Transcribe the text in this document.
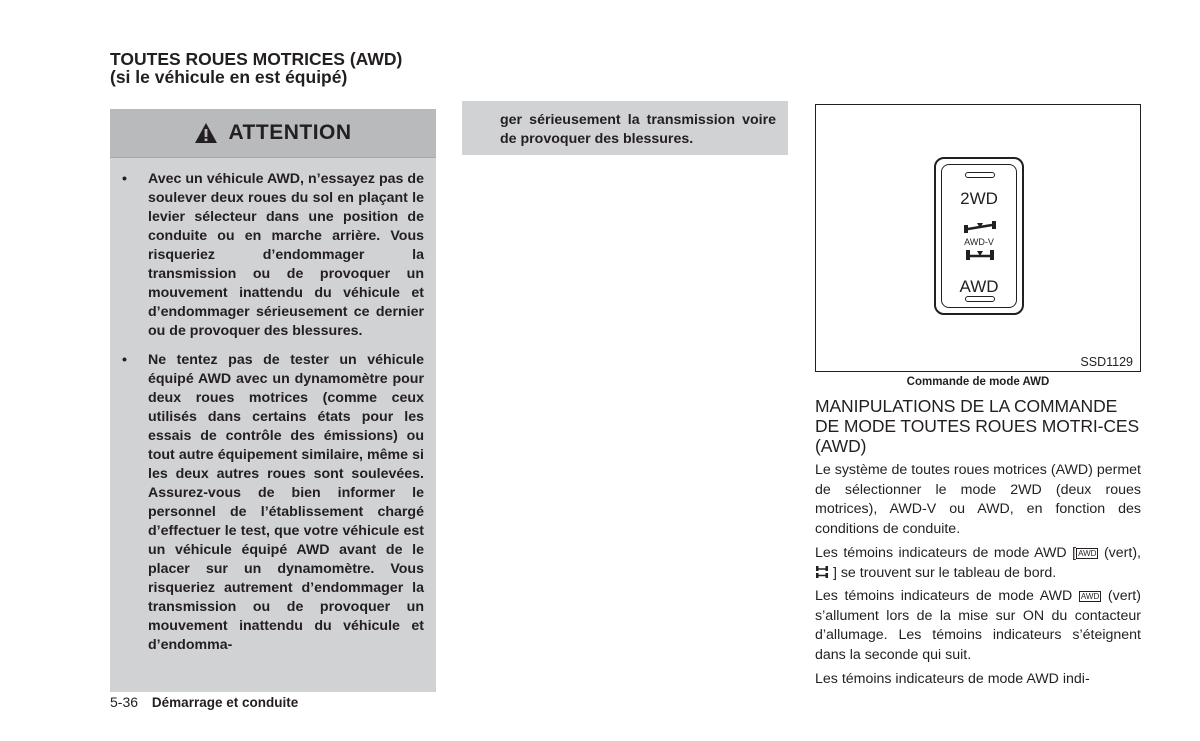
TOUTES ROUES MOTRICES (AWD)
(si le véhicule en est équipé)
ATTENTION
• Avec un véhicule AWD, n’essayez pas de soulever deux roues du sol en plaçant le levier sélecteur dans une position de conduite ou en marche arrière. Vous risqueriez d’endommager la transmission ou de provoquer un mouvement inattendu du véhicule et d’endommager sérieusement ce dernier ou de provoquer des blessures.
• Ne tentez pas de tester un véhicule équipé AWD avec un dynamomètre pour deux roues motrices (comme ceux utilisés dans certains états pour les essais de contrôle des émissions) ou tout autre équipement similaire, même si les deux autres roues sont soulevées. Assurez-vous de bien informer le personnel de l’établissement chargé d’effectuer le test, que votre véhicule est un véhicule équipé AWD avant de le placer sur un dynamomètre. Vous risqueriez autrement d’endommager la transmission ou de provoquer un mouvement inattendu du véhicule et d’endomma-
ger sérieusement la transmission voire de provoquer des blessures.
2WD
AWD-V
AWD
SSD1129
Commande de mode AWD
MANIPULATIONS DE LA COMMANDE DE MODE TOUTES ROUES MOTRI-CES (AWD)

Le système de toutes roues motrices (AWD) permet de sélectionner le mode 2WD (deux roues motrices), AWD-V ou AWD, en fonction des conditions de conduite.

Les témoins indicateurs de mode AWD [ AWD (vert),  ] se trouvent sur le tableau de bord.

Les témoins indicateurs de mode AWD AWD (vert) s’allument lors de la mise sur ON du contacteur d’allumage. Les témoins indicateurs s’éteignent dans la seconde qui suit.

Les témoins indicateurs de mode AWD indi-

5-36 Démarrage et conduite
